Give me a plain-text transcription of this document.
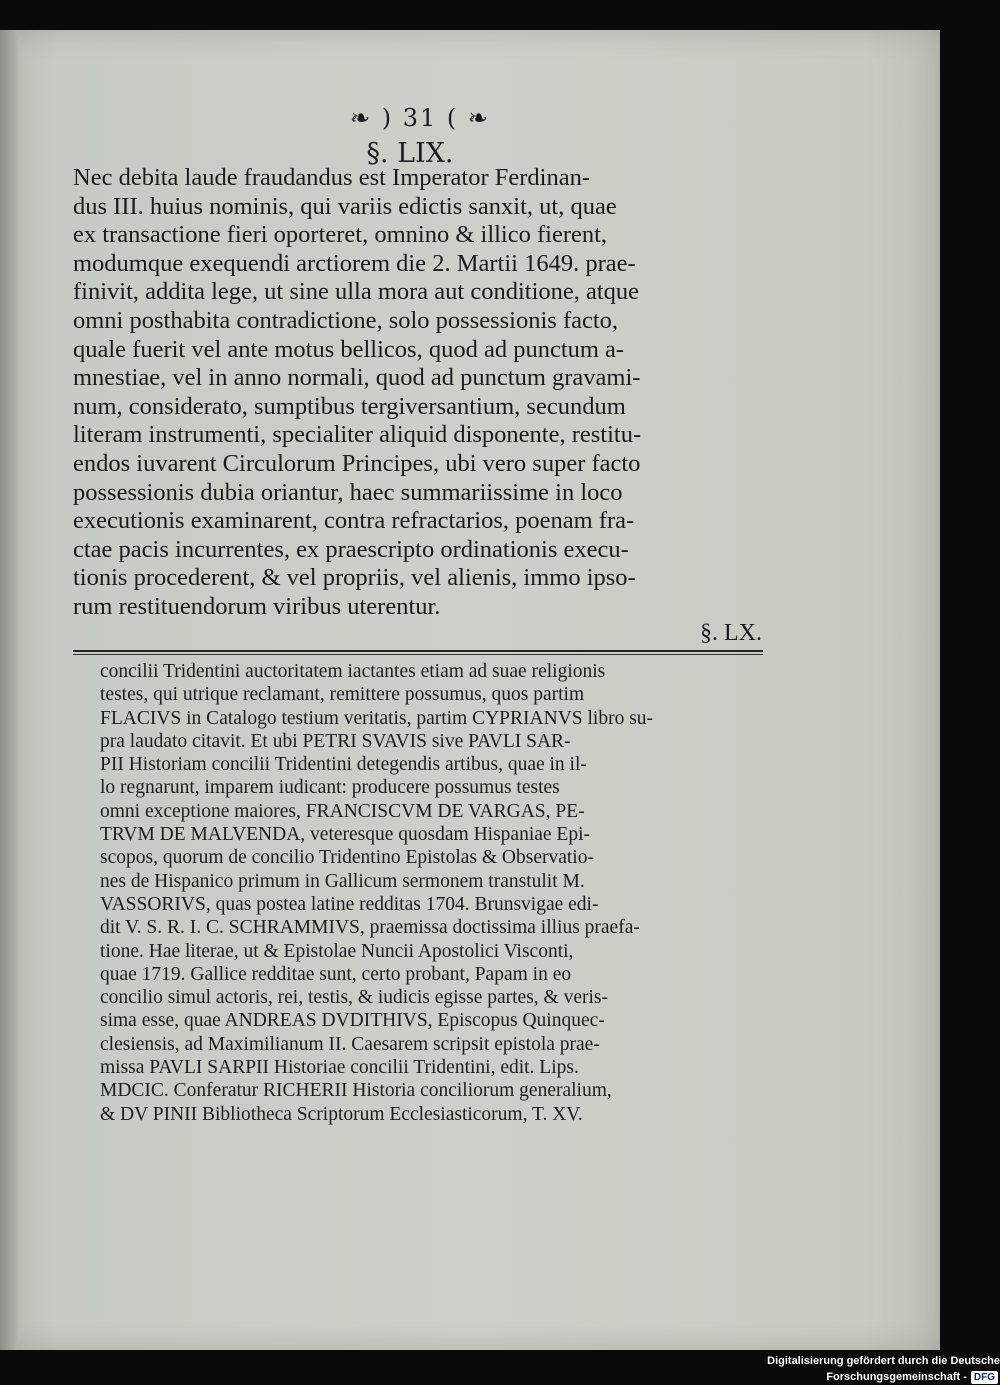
❧ ) 31 ( ❧
§. LIX.
Nec debita laude fraudandus est Imperator Ferdinan-
dus III. huius nominis, qui variis edictis sanxit, ut, quae
ex transactione fieri oporteret, omnino & illico fierent,
modumque exequendi arctiorem die 2. Martii 1649. prae-
finivit, addita lege, ut sine ulla mora aut conditione, atque
omni posthabita contradictione, solo possessionis facto,
quale fuerit vel ante motus bellicos, quod ad punctum a-
mnestiae, vel in anno normali, quod ad punctum gravami-
num, considerato, sumptibus tergiversantium, secundum
literam instrumenti, specialiter aliquid disponente, restitu-
endos iuvarent Circulorum Principes, ubi vero super facto
possessionis dubia oriantur, haec summariissime in loco
executionis examinarent, contra refractarios, poenam fra-
ctae pacis incurrentes, ex praescripto ordinationis execu-
tionis procederent, & vel propriis, vel alienis, immo ipso-
rum restituendorum viribus uterentur.
§. LX.
concilii Tridentini auctoritatem iactantes etiam ad suae religionis
testes, qui utrique reclamant, remittere possumus, quos partim
FLACIVS in Catalogo testium veritatis, partim CYPRIANVS libro su-
pra laudato citavit. Et ubi PETRI SVAVIS sive PAVLI SAR-
PII Historiam concilii Tridentini detegendis artibus, quae in il-
lo regnarunt, imparem iudicant: producere possumus testes
omni exceptione maiores, FRANCISCVM DE VARGAS, PE-
TRVM DE MALVENDA, veteresque quosdam Hispaniae Epi-
scopos, quorum de concilio Tridentino Epistolas & Observatio-
nes de Hispanico primum in Gallicum sermonem transtulit M.
VASSORIVS, quas postea latine redditas 1704. Brunsvigae edi-
dit V. S. R. I. C. SCHRAMMIVS, praemissa doctissima illius praefa-
tione. Hae literae, ut & Epistolae Nuncii Apostolici Visconti,
quae 1719. Gallice redditae sunt, certo probant, Papam in eo
concilio simul actoris, rei, testis, & iudicis egisse partes, & veris-
sima esse, quae ANDREAS DVDITHIVS, Episcopus Quinquec-
clesiensis, ad Maximilianum II. Caesarem scripsit epistola prae-
missa PAVLI SARPII Historiae concilii Tridentini, edit. Lips.
MDCIC. Conferatur RICHERII Historia conciliorum generalium,
& DV PINII Bibliotheca Scriptorum Ecclesiasticorum, T. XV.
Digitalisierung gefördert durch die Deutsche Forschungsgemeinschaft - DFG
